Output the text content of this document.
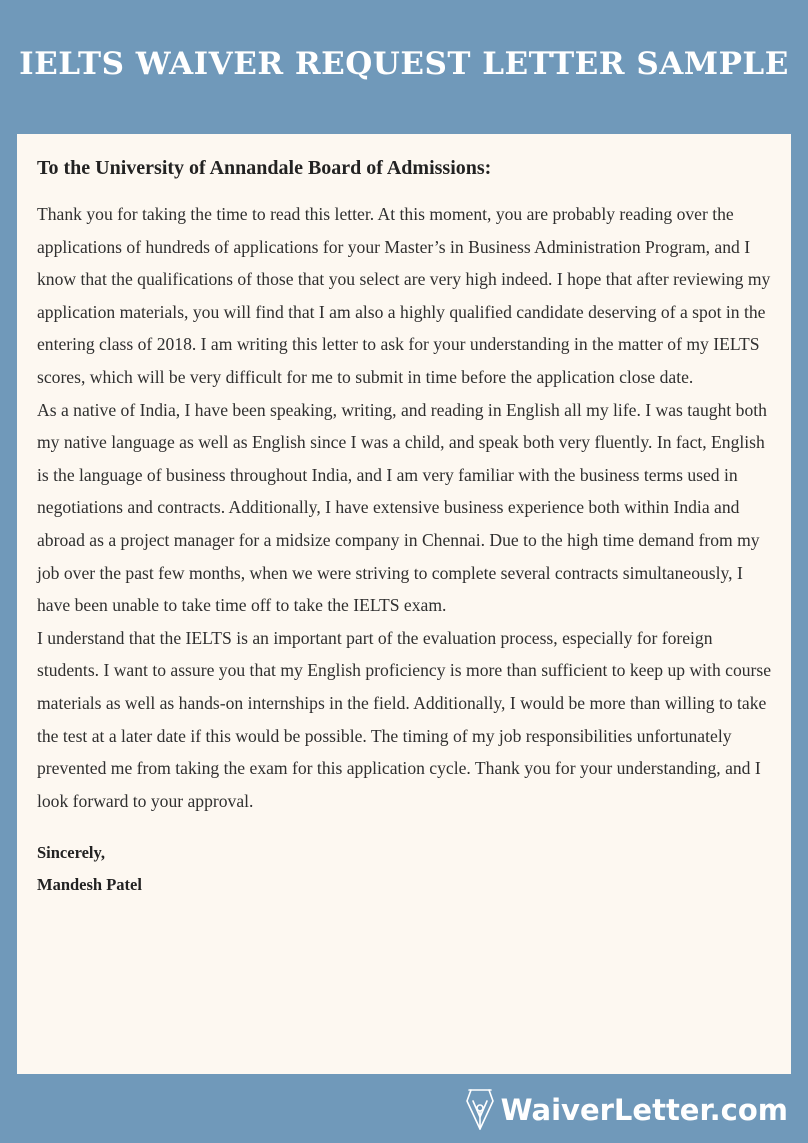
IELTS WAIVER REQUEST LETTER SAMPLE

To the University of Annandale Board of Admissions:

Thank you for taking the time to read this letter. At this moment, you are probably reading over the applications of hundreds of applications for your Master’s in Business Administration Program, and I know that the qualifications of those that you select are very high indeed. I hope that after reviewing my application materials, you will find that I am also a highly qualified candidate deserving of a spot in the entering class of 2018. I am writing this letter to ask for your understanding in the matter of my IELTS scores, which will be very difficult for me to submit in time before the application close date.

As a native of India, I have been speaking, writing, and reading in English all my life. I was taught both my native language as well as English since I was a child, and speak both very fluently. In fact, English is the language of business throughout India, and I am very familiar with the business terms used in negotiations and contracts. Additionally, I have extensive business experience both within India and abroad as a project manager for a midsize company in Chennai. Due to the high time demand from my job over the past few months, when we were striving to complete several contracts simultaneously, I have been unable to take time off to take the IELTS exam.

I understand that the IELTS is an important part of the evaluation process, especially for foreign students. I want to assure you that my English proficiency is more than sufficient to keep up with course materials as well as hands-on internships in the field. Additionally, I would be more than willing to take the test at a later date if this would be possible. The timing of my job responsibilities unfortunately prevented me from taking the exam for this application cycle. Thank you for your understanding, and I look forward to your approval.

Sincerely,
Mandesh Patel
WaiverLetter.com
